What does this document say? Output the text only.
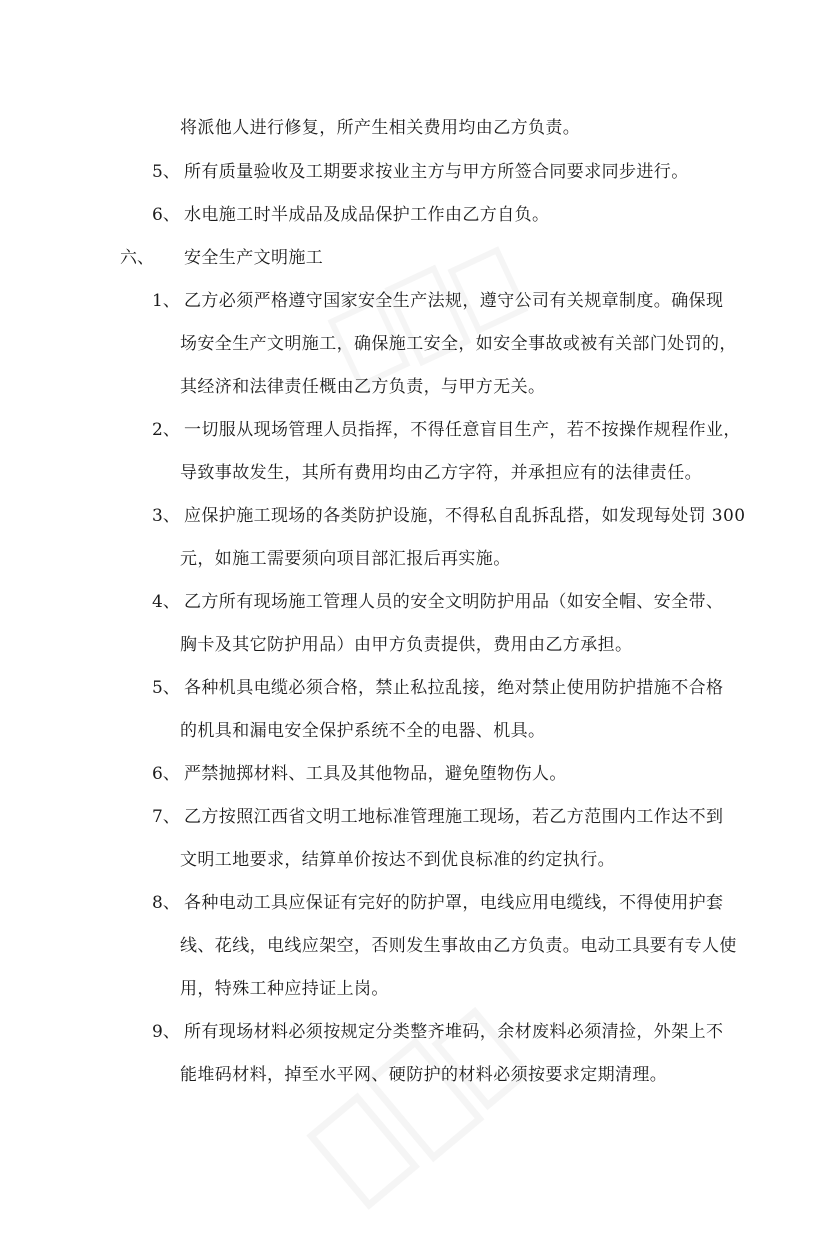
将派他人进行修复，所产生相关费用均由乙方负责。
5、 所有质量验收及工期要求按业主方与甲方所签合同要求同步进行。
6、 水电施工时半成品及成品保护工作由乙方自负。
六、 安全生产文明施工
1、 乙方必须严格遵守国家安全生产法规，遵守公司有关规章制度。确保现
场安全生产文明施工，确保施工安全，如安全事故或被有关部门处罚的，
其经济和法律责任概由乙方负责，与甲方无关。
2、 一切服从现场管理人员指挥，不得任意盲目生产，若不按操作规程作业，
导致事故发生，其所有费用均由乙方字符，并承担应有的法律责任。
3、 应保护施工现场的各类防护设施，不得私自乱拆乱搭，如发现每处罚 300
元，如施工需要须向项目部汇报后再实施。
4、 乙方所有现场施工管理人员的安全文明防护用品（如安全帽、安全带、
胸卡及其它防护用品）由甲方负责提供，费用由乙方承担。
5、 各种机具电缆必须合格，禁止私拉乱接，绝对禁止使用防护措施不合格
的机具和漏电安全保护系统不全的电器、机具。
6、 严禁抛掷材料、工具及其他物品，避免堕物伤人。
7、 乙方按照江西省文明工地标准管理施工现场，若乙方范围内工作达不到
文明工地要求，结算单价按达不到优良标准的约定执行。
8、 各种电动工具应保证有完好的防护罩，电线应用电缆线，不得使用护套
线、花线，电线应架空，否则发生事故由乙方负责。电动工具要有专人使
用，特殊工种应持证上岗。
9、 所有现场材料必须按规定分类整齐堆码，余材废料必须清捡，外架上不
能堆码材料，掉至水平网、硬防护的材料必须按要求定期清理。
